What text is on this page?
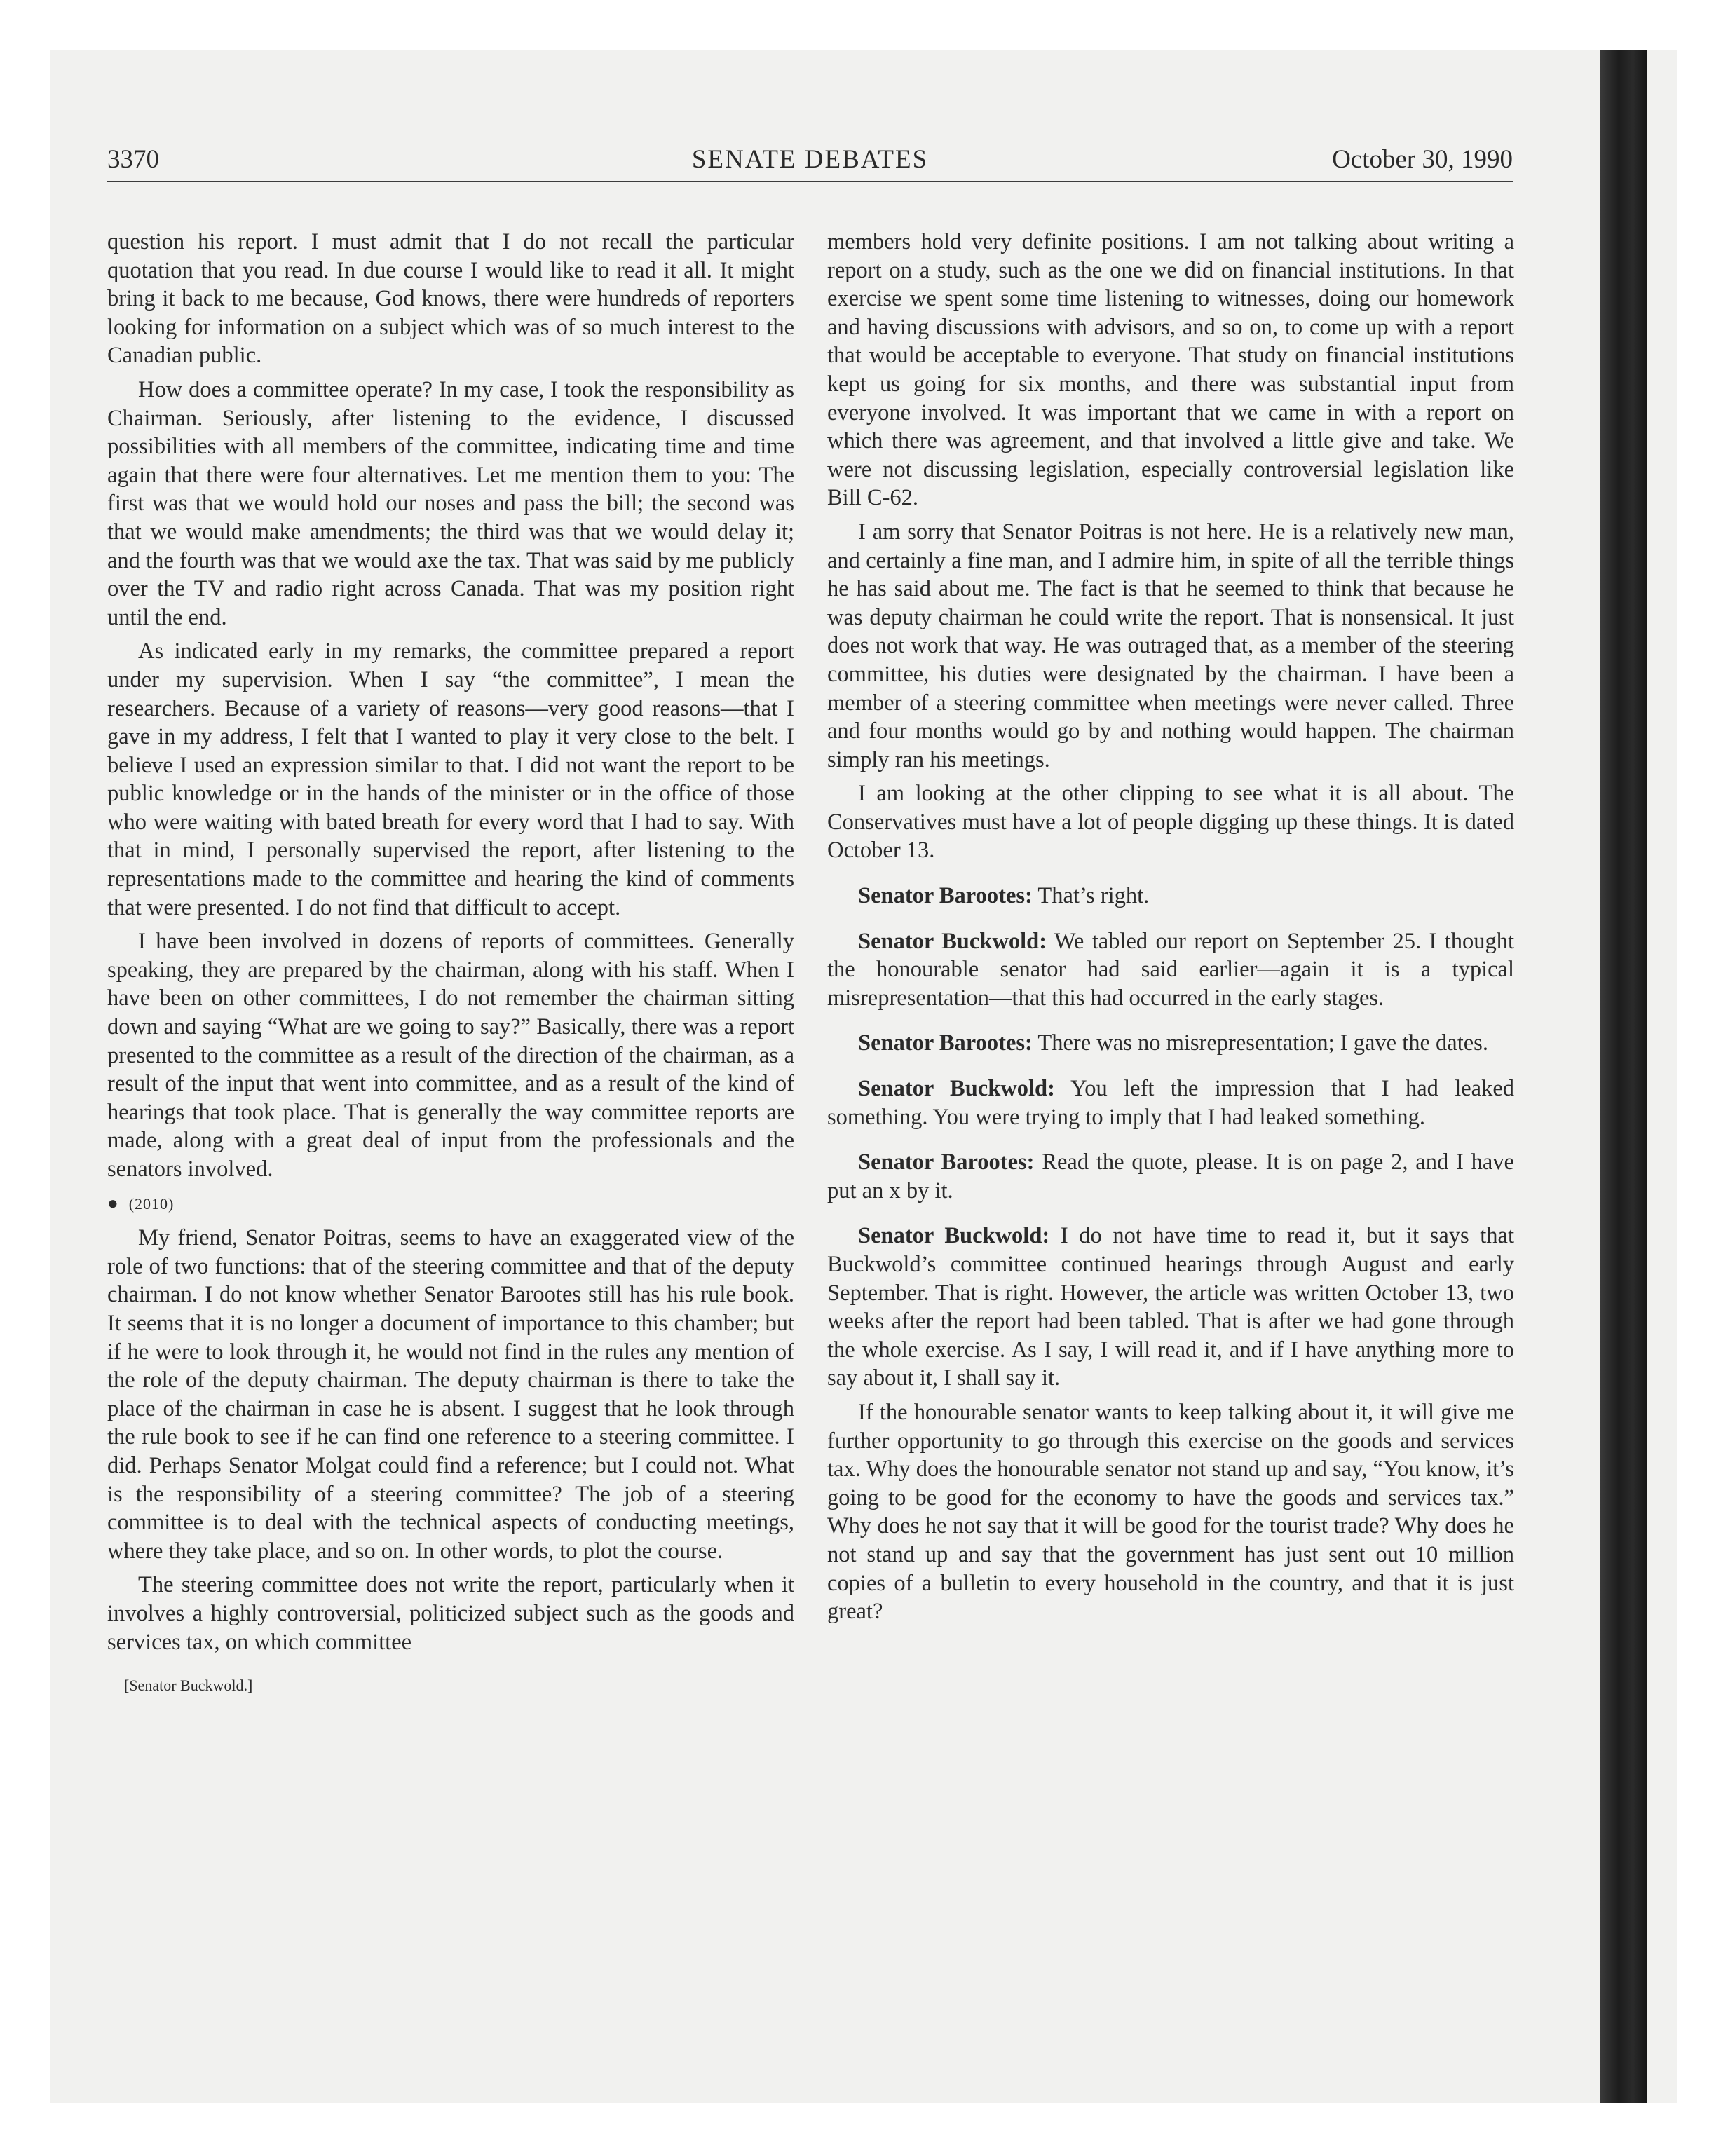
3370	SENATE DEBATES	October 30, 1990

question his report. I must admit that I do not recall the particular quotation that you read. In due course I would like to read it all. It might bring it back to me because, God knows, there were hundreds of reporters looking for information on a subject which was of so much interest to the Canadian public.

How does a committee operate? In my case, I took the responsibility as Chairman. Seriously, after listening to the evidence, I discussed possibilities with all members of the committee, indicating time and time again that there were four alternatives. Let me mention them to you: The first was that we would hold our noses and pass the bill; the second was that we would make amendments; the third was that we would delay it; and the fourth was that we would axe the tax. That was said by me publicly over the TV and radio right across Canada. That was my position right until the end.

As indicated early in my remarks, the committee prepared a report under my supervision. When I say “the committee”, I mean the researchers. Because of a variety of reasons—very good reasons—that I gave in my address, I felt that I wanted to play it very close to the belt. I believe I used an expression similar to that. I did not want the report to be public knowledge or in the hands of the minister or in the office of those who were waiting with bated breath for every word that I had to say. With that in mind, I personally supervised the report, after listening to the representations made to the committee and hearing the kind of comments that were presented. I do not find that difficult to accept.

I have been involved in dozens of reports of committees. Generally speaking, they are prepared by the chairman, along with his staff. When I have been on other committees, I do not remember the chairman sitting down and saying “What are we going to say?” Basically, there was a report presented to the committee as a result of the direction of the chairman, as a result of the input that went into committee, and as a result of the kind of hearings that took place. That is generally the way committee reports are made, along with a great deal of input from the professionals and the senators involved.

● (2010)

My friend, Senator Poitras, seems to have an exaggerated view of the role of two functions: that of the steering committee and that of the deputy chairman. I do not know whether Senator Barootes still has his rule book. It seems that it is no longer a document of importance to this chamber; but if he were to look through it, he would not find in the rules any mention of the role of the deputy chairman. The deputy chairman is there to take the place of the chairman in case he is absent. I suggest that he look through the rule book to see if he can find one reference to a steering committee. I did. Perhaps Senator Molgat could find a reference; but I could not. What is the responsibility of a steering committee? The job of a steering committee is to deal with the technical aspects of conducting meetings, where they take place, and so on. In other words, to plot the course.

The steering committee does not write the report, particularly when it involves a highly controversial, politicized subject such as the goods and services tax, on which committee

[Senator Buckwold.]

members hold very definite positions. I am not talking about writing a report on a study, such as the one we did on financial institutions. In that exercise we spent some time listening to witnesses, doing our homework and having discussions with advisors, and so on, to come up with a report that would be acceptable to everyone. That study on financial institutions kept us going for six months, and there was substantial input from everyone involved. It was important that we came in with a report on which there was agreement, and that involved a little give and take. We were not discussing legislation, especially controversial legislation like Bill C-62.

I am sorry that Senator Poitras is not here. He is a relatively new man, and certainly a fine man, and I admire him, in spite of all the terrible things he has said about me. The fact is that he seemed to think that because he was deputy chairman he could write the report. That is nonsensical. It just does not work that way. He was outraged that, as a member of the steering committee, his duties were designated by the chairman. I have been a member of a steering committee when meetings were never called. Three and four months would go by and nothing would happen. The chairman simply ran his meetings.

I am looking at the other clipping to see what it is all about. The Conservatives must have a lot of people digging up these things. It is dated October 13.

Senator Barootes: That’s right.

Senator Buckwold: We tabled our report on September 25. I thought the honourable senator had said earlier—again it is a typical misrepresentation—that this had occurred in the early stages.

Senator Barootes: There was no misrepresentation; I gave the dates.

Senator Buckwold: You left the impression that I had leaked something. You were trying to imply that I had leaked something.

Senator Barootes: Read the quote, please. It is on page 2, and I have put an x by it.

Senator Buckwold: I do not have time to read it, but it says that Buckwold’s committee continued hearings through August and early September. That is right. However, the article was written October 13, two weeks after the report had been tabled. That is after we had gone through the whole exercise. As I say, I will read it, and if I have anything more to say about it, I shall say it.

If the honourable senator wants to keep talking about it, it will give me further opportunity to go through this exercise on the goods and services tax. Why does the honourable senator not stand up and say, “You know, it’s going to be good for the economy to have the goods and services tax.” Why does he not say that it will be good for the tourist trade? Why does he not stand up and say that the government has just sent out 10 million copies of a bulletin to every household in the country, and that it is just great?
